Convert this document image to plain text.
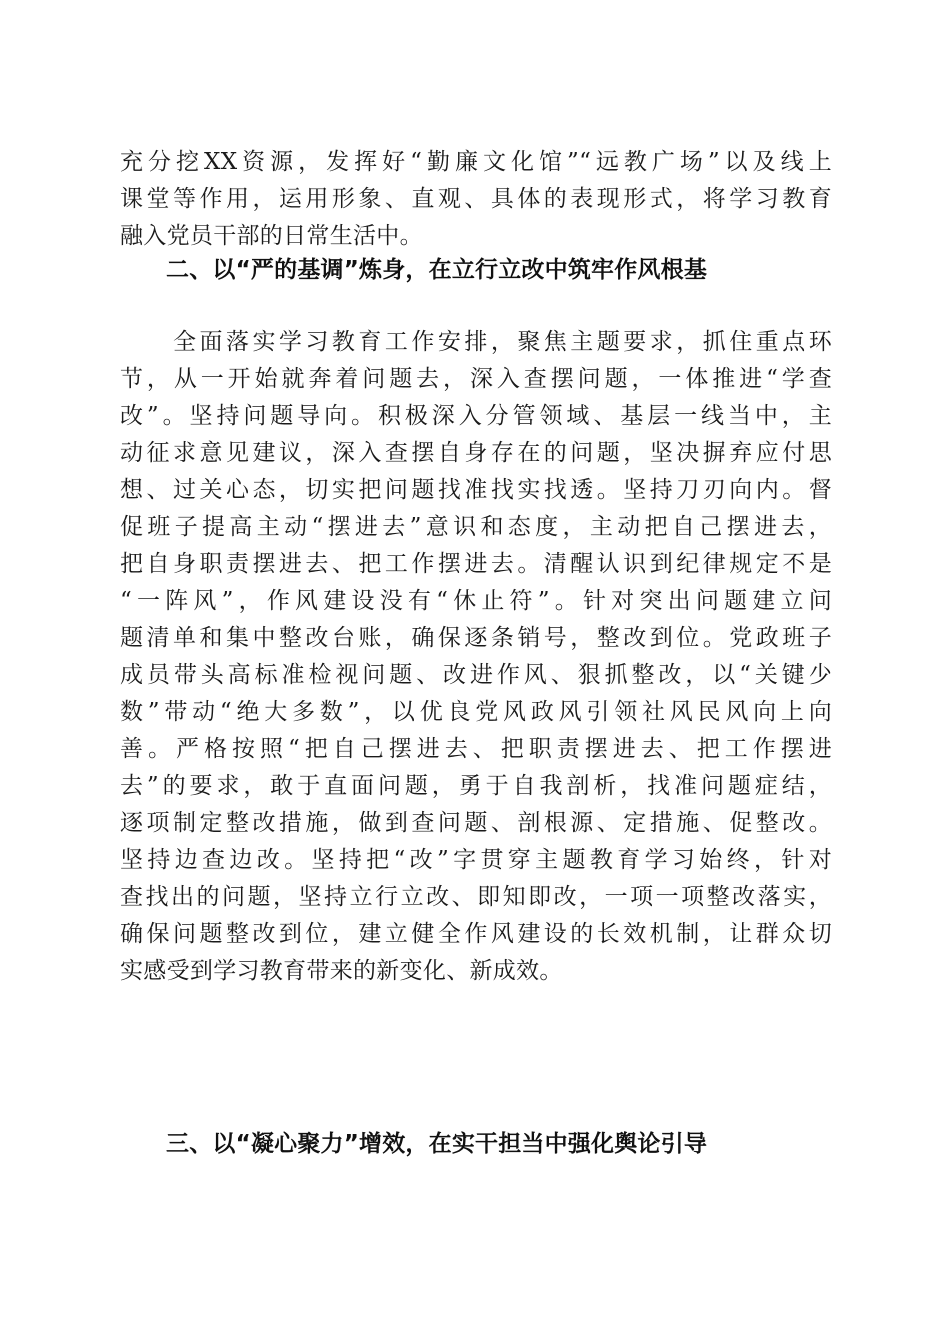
充分挖XX资源，发挥好“勤廉文化馆”“远教广场”以及线上
课堂等作用，运用形象、直观、具体的表现形式，将学习教育
融入党员干部的日常生活中。
二、以“严的基调”炼身，在立行立改中筑牢作风根基
　　全面落实学习教育工作安排，聚焦主题要求，抓住重点环
节，从一开始就奔着问题去，深入查摆问题，一体推进“学查
改”。坚持问题导向。积极深入分管领域、基层一线当中，主
动征求意见建议，深入查摆自身存在的问题，坚决摒弃应付思
想、过关心态，切实把问题找准找实找透。坚持刀刃向内。督
促班子提高主动“摆进去”意识和态度，主动把自己摆进去，
把自身职责摆进去、把工作摆进去。清醒认识到纪律规定不是
“一阵风”，作风建设没有“休止符”。针对突出问题建立问
题清单和集中整改台账，确保逐条销号，整改到位。党政班子
成员带头高标准检视问题、改进作风、狠抓整改，以“关键少
数”带动“绝大多数”，以优良党风政风引领社风民风向上向
善。严格按照“把自己摆进去、把职责摆进去、把工作摆进
去”的要求，敢于直面问题，勇于自我剖析，找准问题症结，
逐项制定整改措施，做到查问题、剖根源、定措施、促整改。
坚持边查边改。坚持把“改”字贯穿主题教育学习始终，针对
查找出的问题，坚持立行立改、即知即改，一项一项整改落实，
确保问题整改到位，建立健全作风建设的长效机制，让群众切
实感受到学习教育带来的新变化、新成效。
三、以“凝心聚力”增效，在实干担当中强化舆论引导
